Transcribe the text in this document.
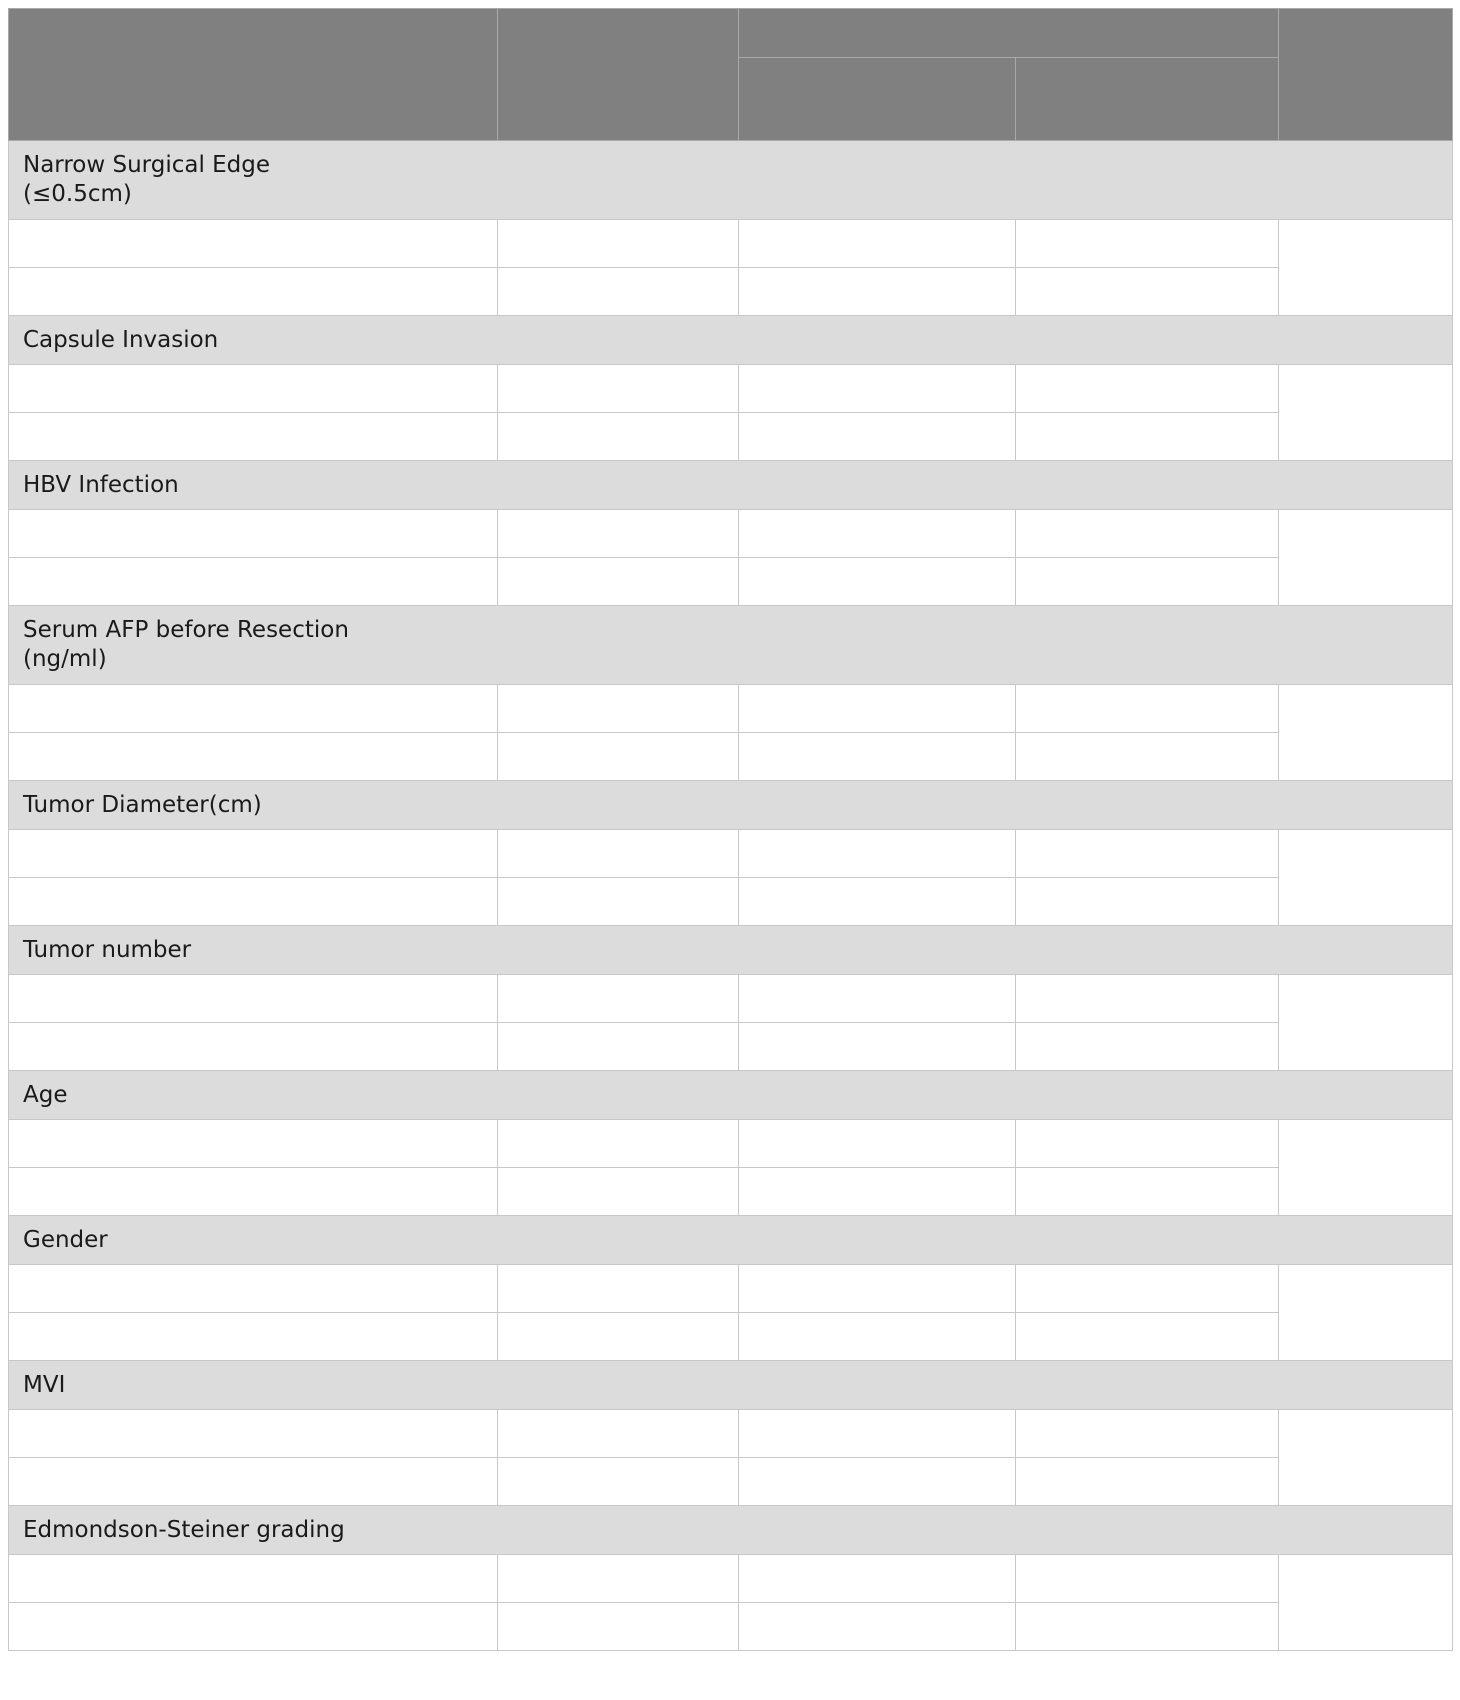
Narrow Surgical Edge
(≤0.5cm)				

Capsule Invasion				

HBV Infection				

Serum AFP before Resection
(ng/ml)				

Tumor Diameter(cm)				

Tumor number				

Age				

Gender				

MVI				

Edmondson-Steiner grading				
